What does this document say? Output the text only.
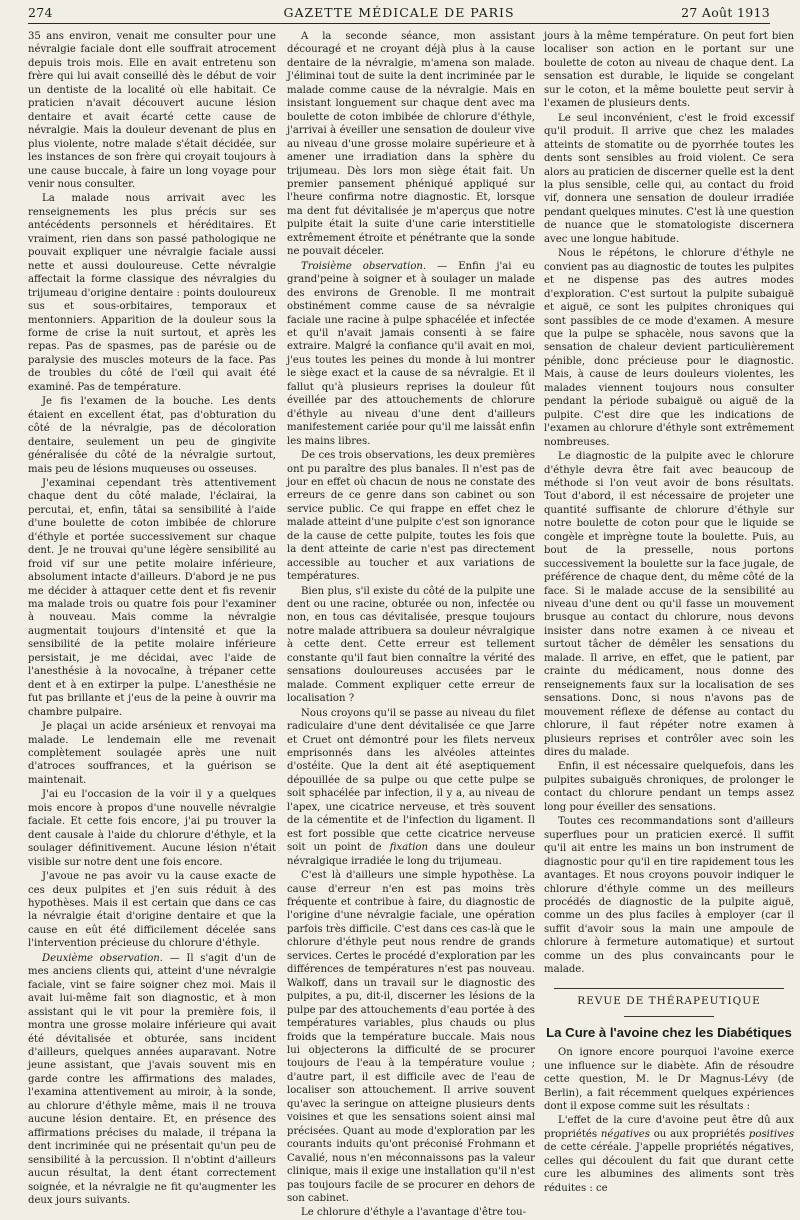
274	GAZETTE MÉDICALE DE PARIS	27 Août 1913

35 ans environ, venait me consulter pour une névralgie faciale dont elle souffrait atrocement depuis trois mois. Elle en avait entretenu son frère qui lui avait conseillé dès le début de voir un dentiste de la localité où elle habitait. Ce praticien n'avait découvert aucune lésion dentaire et avait écarté cette cause de névralgie. Mais la douleur devenant de plus en plus violente, notre malade s'était décidée, sur les instances de son frère qui croyait toujours à une cause buccale, à faire un long voyage pour venir nous consulter.

La malade nous arrivait avec les renseignements les plus précis sur ses antécédents personnels et héréditaires. Et vraiment, rien dans son passé pathologique ne pouvait expliquer une névralgie faciale aussi nette et aussi douloureuse. Cette névralgie affectait la forme classique des névralgies du trijumeau d'origine dentaire : points douloureux sus et sous-orbitaires, temporaux et mentonniers. Apparition de la douleur sous la forme de crise la nuit surtout, et après les repas. Pas de spasmes, pas de parésie ou de paralysie des muscles moteurs de la face. Pas de troubles du côté de l'œil qui avait été examiné. Pas de température.

Je fis l'examen de la bouche. Les dents étaient en excellent état, pas d'obturation du côté de la névralgie, pas de décoloration dentaire, seulement un peu de gingivite généralisée du côté de la névralgie surtout, mais peu de lésions muqueuses ou osseuses.

J'examinai cependant très attentivement chaque dent du côté malade, l'éclairai, la percutai, et, enfin, tâtai sa sensibilité à l'aide d'une boulette de coton imbibée de chlorure d'éthyle et portée successivement sur chaque dent. Je ne trouvai qu'une légère sensibilité au froid vif sur une petite molaire inférieure, absolument intacte d'ailleurs. D'abord je ne pus me décider à attaquer cette dent et fis revenir ma malade trois ou quatre fois pour l'examiner à nouveau. Mais comme la névralgie augmentait toujours d'intensité et que la sensibilité de la petite molaire inférieure persistait, je me décidai, avec l'aide de l'anesthésie à la novocaïne, à trépaner cette dent et à en extirper la pulpe. L'anesthésie ne fut pas brillante et j'eus de la peine à ouvrir ma chambre pulpaire.

Je plaçai un acide arsénieux et renvoyai ma malade. Le lendemain elle me revenait complètement soulagée après une nuit d'atroces souffrances, et la guérison se maintenait.

J'ai eu l'occasion de la voir il y a quelques mois encore à propos d'une nouvelle névralgie faciale. Et cette fois encore, j'ai pu trouver la dent causale à l'aide du chlorure d'éthyle, et la soulager définitivement. Aucune lésion n'était visible sur notre dent une fois encore.

J'avoue ne pas avoir vu la cause exacte de ces deux pulpites et j'en suis réduit à des hypothèses. Mais il est certain que dans ce cas la névralgie était d'origine dentaire et que la cause en eût été difficilement décelée sans l'intervention précieuse du chlorure d'éthyle.

Deuxième observation. — Il s'agit d'un de mes anciens clients qui, atteint d'une névralgie faciale, vint se faire soigner chez moi. Mais il avait lui-même fait son diagnostic, et à mon assistant qui le vit pour la première fois, il montra une grosse molaire inférieure qui avait été dévitalisée et obturée, sans incident d'ailleurs, quelques années auparavant. Notre jeune assistant, que j'avais souvent mis en garde contre les affirmations des malades, l'examina attentivement au miroir, à la sonde, au chlorure d'éthyle même, mais il ne trouva aucune lésion dentaire. Et, en présence des affirmations précises du malade, il trépana la dent incriminée qui ne présentait qu'un peu de sensibilité à la percussion. Il n'obtint d'ailleurs aucun résultat, la dent étant correctement soignée, et la névralgie ne fit qu'augmenter les deux jours suivants.

A la seconde séance, mon assistant découragé et ne croyant déjà plus à la cause dentaire de la névralgie, m'amena son malade. J'éliminai tout de suite la dent incriminée par le malade comme cause de la névralgie. Mais en insistant longuement sur chaque dent avec ma boulette de coton imbibée de chlorure d'éthyle, j'arrivai à éveiller une sensation de douleur vive au niveau d'une grosse molaire supérieure et à amener une irradiation dans la sphère du trijumeau. Dès lors mon siège était fait. Un premier pansement phéniqué appliqué sur l'heure confirma notre diagnostic. Et, lorsque ma dent fut dévitalisée je m'aperçus que notre pulpite était la suite d'une carie interstitielle extrêmement étroite et pénétrante que la sonde ne pouvait déceler.

Troisième observation. — Enfin j'ai eu grand'peine à soigner et à soulager un malade des environs de Grenoble. Il me montrait obstinément comme cause de sa névralgie faciale une racine à pulpe sphacélée et infectée et qu'il n'avait jamais consenti à se faire extraire. Malgré la confiance qu'il avait en moi, j'eus toutes les peines du monde à lui montrer le siège exact et la cause de sa névralgie. Et il fallut qu'à plusieurs reprises la douleur fût éveillée par des attouchements de chlorure d'éthyle au niveau d'une dent d'ailleurs manifestement cariée pour qu'il me laissât enfin les mains libres.

De ces trois observations, les deux premières ont pu paraître des plus banales. Il n'est pas de jour en effet où chacun de nous ne constate des erreurs de ce genre dans son cabinet ou son service public. Ce qui frappe en effet chez le malade atteint d'une pulpite c'est son ignorance de la cause de cette pulpite, toutes les fois que la dent atteinte de carie n'est pas directement accessible au toucher et aux variations de températures.

Bien plus, s'il existe du côté de la pulpite une dent ou une racine, obturée ou non, infectée ou non, en tous cas dévitalisée, presque toujours notre malade attribuera sa douleur névralgique à cette dent. Cette erreur est tellement constante qu'il faut bien connaître la vérité des sensations douloureuses accusées par le malade. Comment expliquer cette erreur de localisation ?

Nous croyons qu'il se passe au niveau du filet radiculaire d'une dent dévitalisée ce que Jarre et Cruet ont démontré pour les filets nerveux emprisonnés dans les alvéoles atteintes d'ostéite. Que la dent ait été aseptiquement dépouillée de sa pulpe ou que cette pulpe se soit sphacélée par infection, il y a, au niveau de l'apex, une cicatrice nerveuse, et très souvent de la cémentite et de l'infection du ligament. Il est fort possible que cette cicatrice nerveuse soit un point de fixation dans une douleur névralgique irradiée le long du trijumeau.

C'est là d'ailleurs une simple hypothèse. La cause d'erreur n'en est pas moins très fréquente et contribue à faire, du diagnostic de l'origine d'une névralgie faciale, une opération parfois très difficile. C'est dans ces cas-là que le chlorure d'éthyle peut nous rendre de grands services. Certes le procédé d'exploration par les différences de températures n'est pas nouveau. Walkoff, dans un travail sur le diagnostic des pulpites, a pu, dit-il, discerner les lésions de la pulpe par des attouchements d'eau portée à des températures variables, plus chauds ou plus froids que la température buccale. Mais nous lui objecterons la difficulté de se procurer toujours de l'eau à la température voulue ; d'autre part, il est difficile avec de l'eau de localiser son attouchement. Il arrive souvent qu'avec la seringue on atteigne plusieurs dents voisines et que les sensations soient ainsi mal précisées. Quant au mode d'exploration par les courants induits qu'ont préconisé Frohmann et Cavalié, nous n'en méconnaissons pas la valeur clinique, mais il exige une installation qu'il n'est pas toujours facile de se procurer en dehors de son cabinet.

Le chlorure d'éthyle a l'avantage d'être tou-

jours à la même température. On peut fort bien localiser son action en le portant sur une boulette de coton au niveau de chaque dent. La sensation est durable, le liquide se congelant sur le coton, et la même boulette peut servir à l'examen de plusieurs dents.

Le seul inconvénient, c'est le froid excessif qu'il produit. Il arrive que chez les malades atteints de stomatite ou de pyorrhée toutes les dents sont sensibles au froid violent. Ce sera alors au praticien de discerner quelle est la dent la plus sensible, celle qui, au contact du froid vif, donnera une sensation de douleur irradiée pendant quelques minutes. C'est là une question de nuance que le stomatologiste discernera avec une longue habitude.

Nous le répétons, le chlorure d'éthyle ne convient pas au diagnostic de toutes les pulpites et ne dispense pas des autres modes d'exploration. C'est surtout la pulpite subaiguë et aiguë, ce sont les pulpites chroniques qui sont passibles de ce mode d'examen. A mesure que la pulpe se sphacèle, nous savons que la sensation de chaleur devient particulièrement pénible, donc précieuse pour le diagnostic. Mais, à cause de leurs douleurs violentes, les malades viennent toujours nous consulter pendant la période subaiguë ou aiguë de la pulpite. C'est dire que les indications de l'examen au chlorure d'éthyle sont extrêmement nombreuses.

Le diagnostic de la pulpite avec le chlorure d'éthyle devra être fait avec beaucoup de méthode si l'on veut avoir de bons résultats. Tout d'abord, il est nécessaire de projeter une quantité suffisante de chlorure d'éthyle sur notre boulette de coton pour que le liquide se congèle et imprègne toute la boulette. Puis, au bout de la presselle, nous portons successivement la boulette sur la face jugale, de préférence de chaque dent, du même côté de la face. Si le malade accuse de la sensibilité au niveau d'une dent ou qu'il fasse un mouvement brusque au contact du chlorure, nous devons insister dans notre examen à ce niveau et surtout tâcher de démêler les sensations du malade. Il arrive, en effet, que le patient, par crainte du médicament, nous donne des renseignements faux sur la localisation de ses sensations. Donc, si nous n'avons pas de mouvement réflexe de défense au contact du chlorure, il faut répéter notre examen à plusieurs reprises et contrôler avec soin les dires du malade.

Enfin, il est nécessaire quelquefois, dans les pulpites subaiguës chroniques, de prolonger le contact du chlorure pendant un temps assez long pour éveiller des sensations.

Toutes ces recommandations sont d'ailleurs superflues pour un praticien exercé. Il suffit qu'il ait entre les mains un bon instrument de diagnostic pour qu'il en tire rapidement tous les avantages. Et nous croyons pouvoir indiquer le chlorure d'éthyle comme un des meilleurs procédés de diagnostic de la pulpite aiguë, comme un des plus faciles à employer (car il suffit d'avoir sous la main une ampoule de chlorure à fermeture automatique) et surtout comme un des plus convaincants pour le malade.

REVUE DE THÉRAPEUTIQUE
La Cure à l'avoine chez les Diabétiques

On ignore encore pourquoi l'avoine exerce une influence sur le diabète. Afin de résoudre cette question, M. le Dr Magnus-Lévy (de Berlin), a fait récemment quelques expériences dont il expose comme suit les résultats :

L'effet de la cure d'avoine peut être dû aux propriétés négatives ou aux propriétés positives de cette céréale. J'appelle propriétés négatives, celles qui découlent du fait que durant cette cure les albumines des aliments sont très réduites : ce
